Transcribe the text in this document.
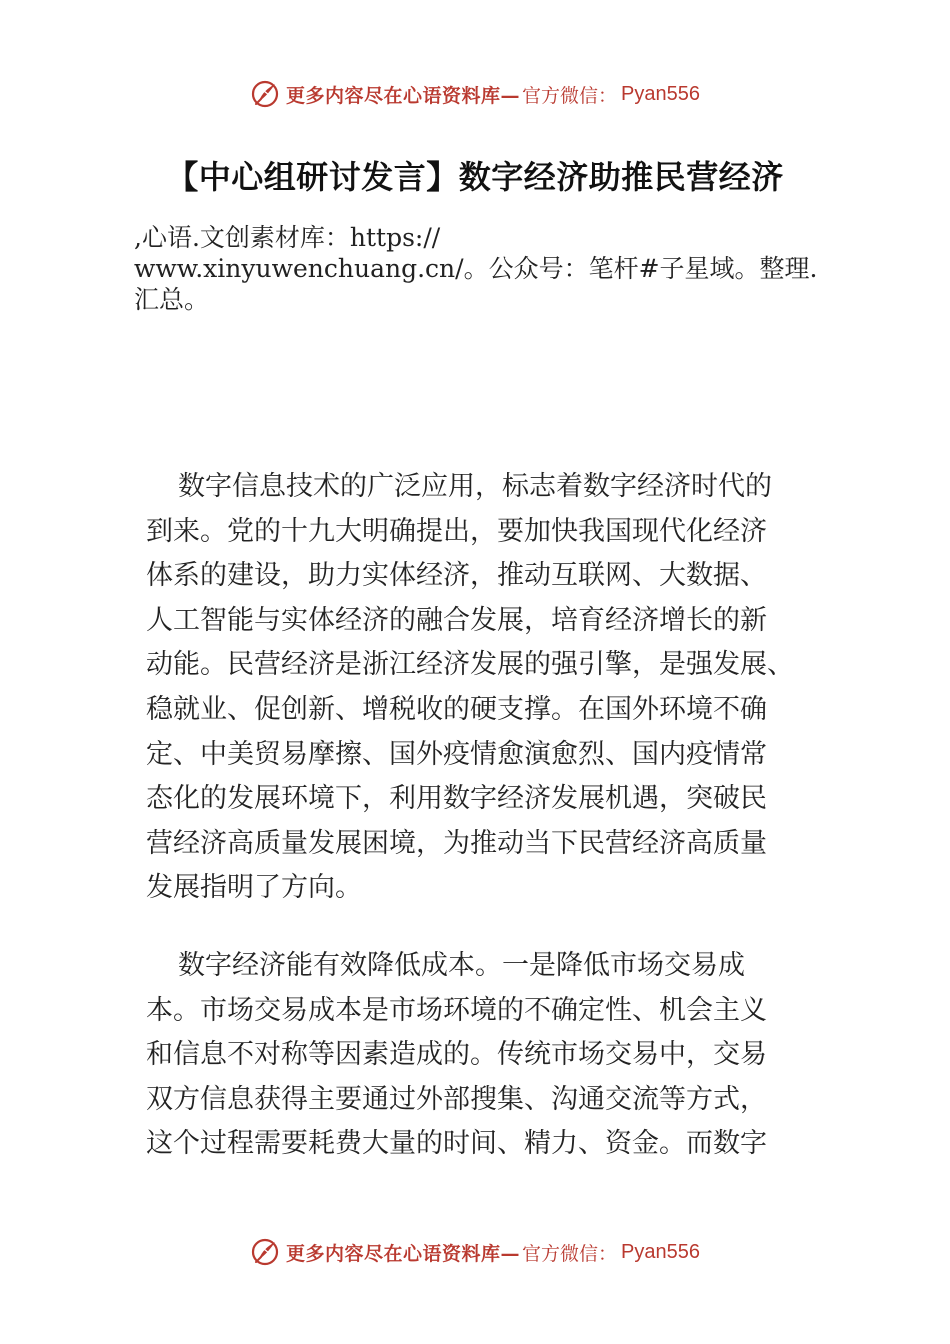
更多内容尽在心语资料库— 官方微信： Pyan556
【中心组研讨发言】数字经济助推民营经济
,心语.文创素材库：https://
www.xinyuwenchuang.cn/。公众号：笔杆#子星域。整理.
汇总。
数字信息技术的广泛应用，标志着数字经济时代的
到来。党的十九大明确提出，要加快我国现代化经济
体系的建设，助力实体经济，推动互联网、大数据、
人工智能与实体经济的融合发展，培育经济增长的新
动能。民营经济是浙江经济发展的强引擎，是强发展、
稳就业、促创新、增税收的硬支撑。在国外环境不确
定、中美贸易摩擦、国外疫情愈演愈烈、国内疫情常
态化的发展环境下，利用数字经济发展机遇，突破民
营经济高质量发展困境，为推动当下民营经济高质量
发展指明了方向。
数字经济能有效降低成本。一是降低市场交易成
本。市场交易成本是市场环境的不确定性、机会主义
和信息不对称等因素造成的。传统市场交易中，交易
双方信息获得主要通过外部搜集、沟通交流等方式，
这个过程需要耗费大量的时间、精力、资金。而数字
更多内容尽在心语资料库— 官方微信： Pyan556
